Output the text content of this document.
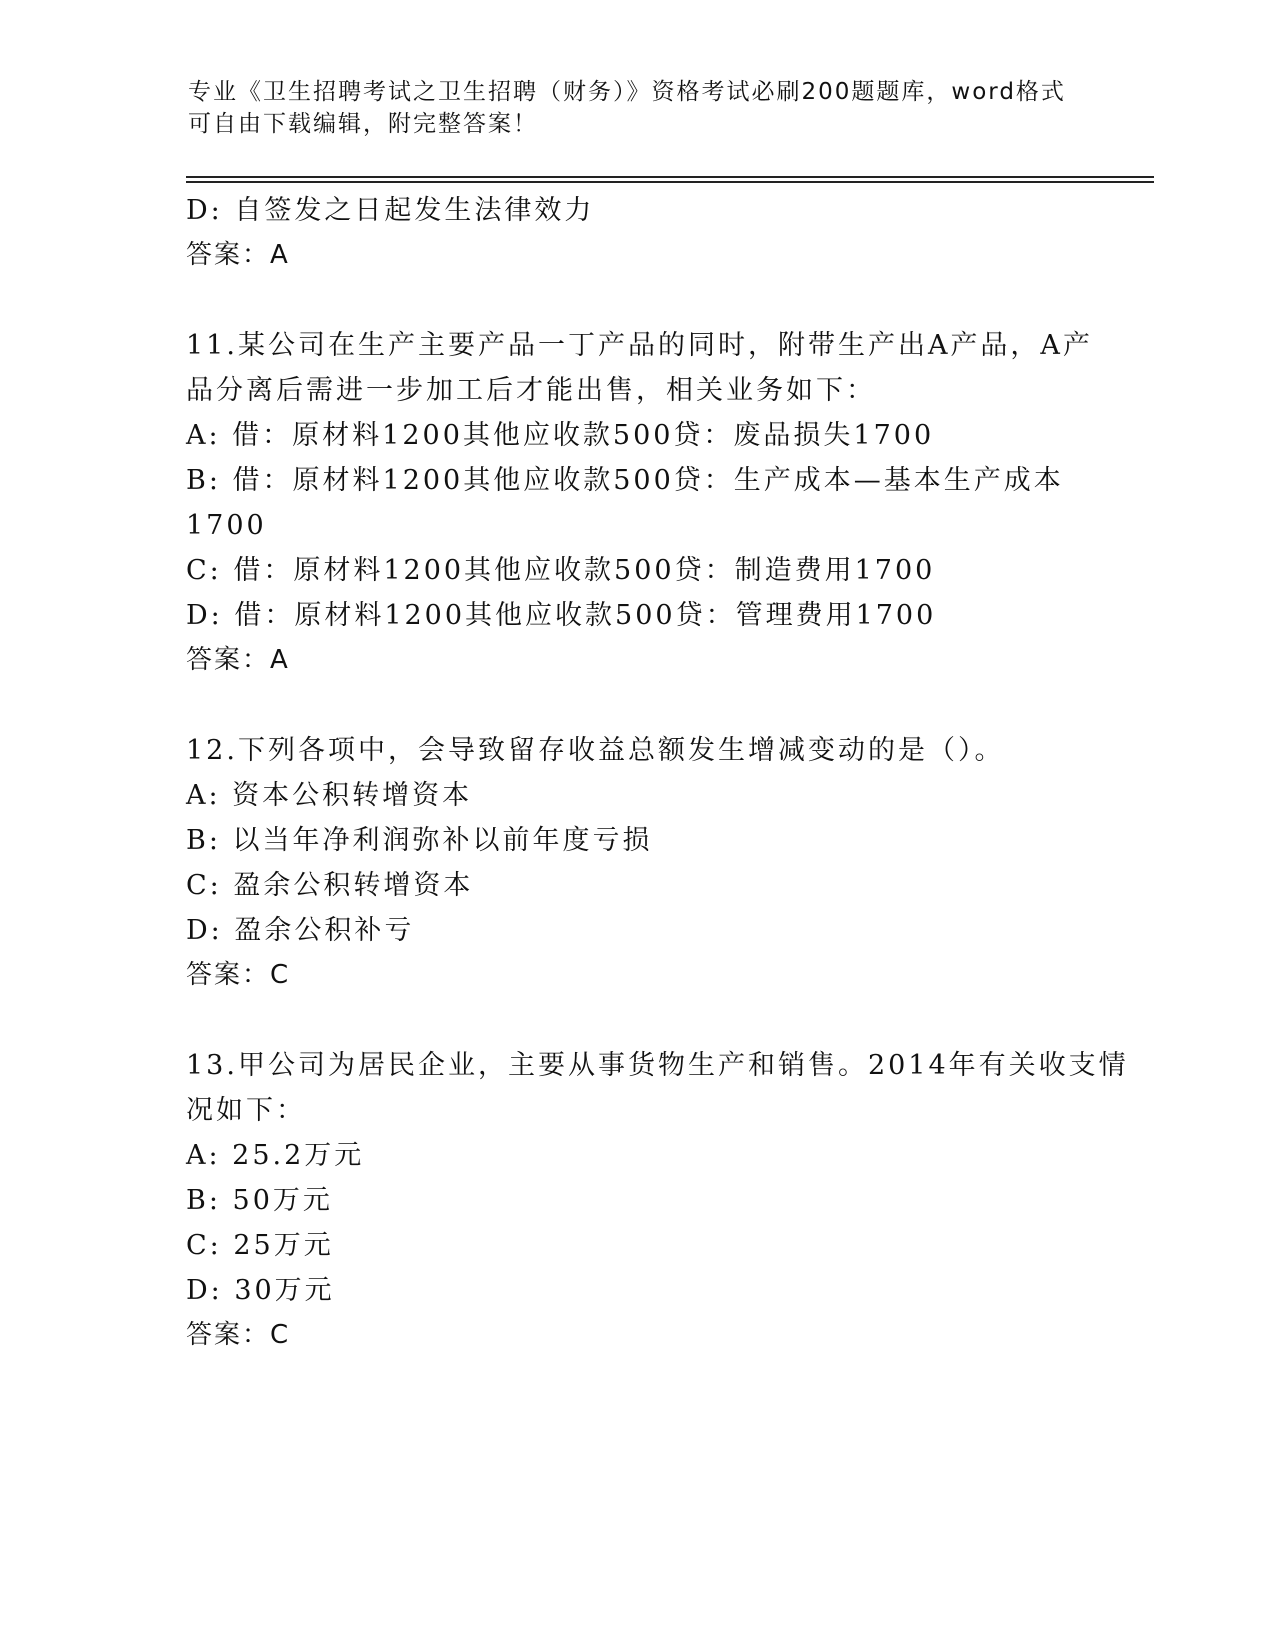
专业《卫生招聘考试之卫生招聘（财务）》资格考试必刷200题题库，word格式
可自由下载编辑，附完整答案！
D: 自签发之日起发生法律效力
答案：A
11.某公司在生产主要产品一丁产品的同时，附带生产出A产品，A产
品分离后需进一步加工后才能出售，相关业务如下：
A: 借：原材料1200其他应收款500贷：废品损失1700
B: 借：原材料1200其他应收款500贷：生产成本—基本生产成本
1700
C: 借：原材料1200其他应收款500贷：制造费用1700
D: 借：原材料1200其他应收款500贷：管理费用1700
答案：A
12.下列各项中，会导致留存收益总额发生增减变动的是（）。
A: 资本公积转增资本
B: 以当年净利润弥补以前年度亏损
C: 盈余公积转增资本
D: 盈余公积补亏
答案：C
13.甲公司为居民企业，主要从事货物生产和销售。2014年有关收支情
况如下：
A: 25.2万元
B: 50万元
C: 25万元
D: 30万元
答案：C
